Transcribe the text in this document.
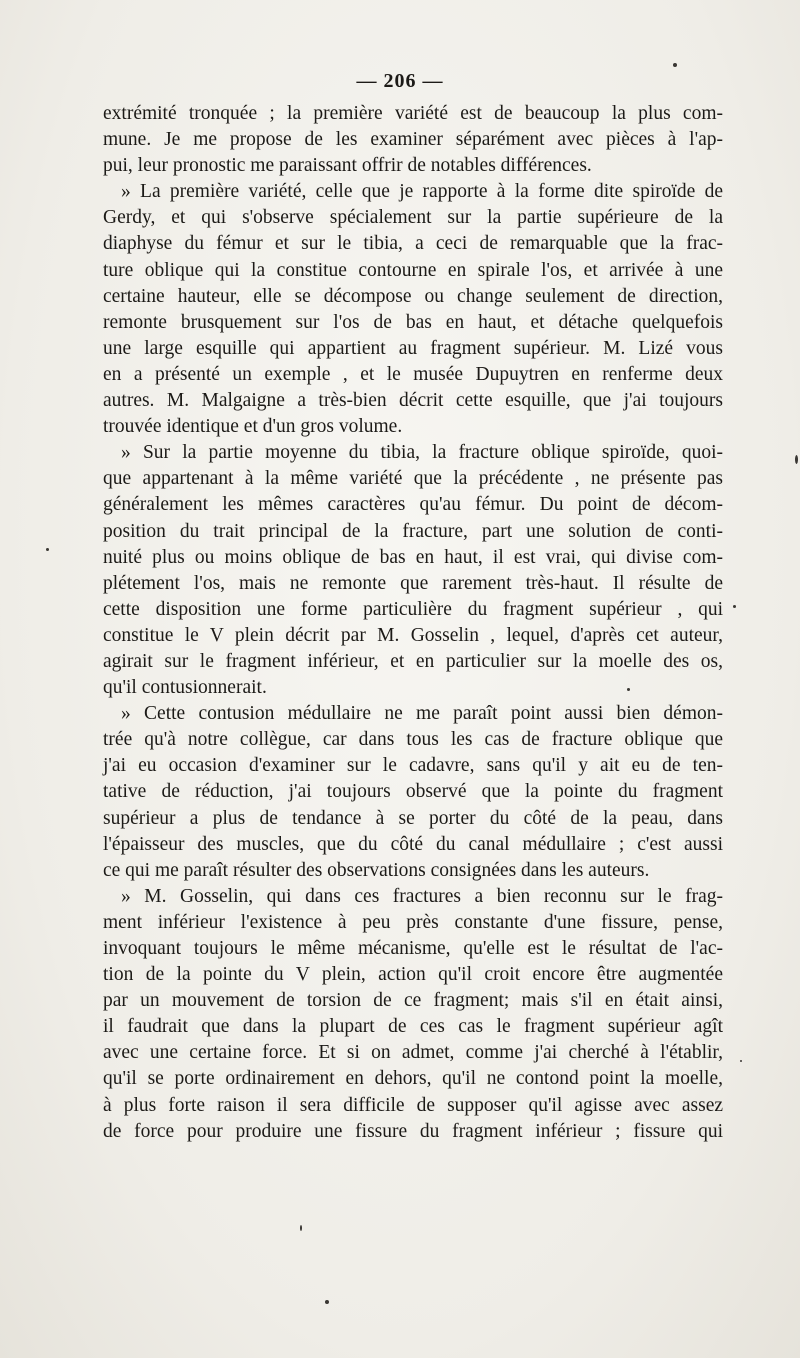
— 206 —
extrémité tronquée ; la première variété est de beaucoup la plus com-
mune. Je me propose de les examiner séparément avec pièces à l'ap-
pui, leur pronostic me paraissant offrir de notables différences.
» La première variété, celle que je rapporte à la forme dite spiroïde de
Gerdy, et qui s'observe spécialement sur la partie supérieure de la
diaphyse du fémur et sur le tibia, a ceci de remarquable que la frac-
ture oblique qui la constitue contourne en spirale l'os, et arrivée à une
certaine hauteur, elle se décompose ou change seulement de direction,
remonte brusquement sur l'os de bas en haut, et détache quelquefois
une large esquille qui appartient au fragment supérieur. M. Lizé vous
en a présenté un exemple , et le musée Dupuytren en renferme deux
autres. M. Malgaigne a très-bien décrit cette esquille, que j'ai toujours
trouvée identique et d'un gros volume.
» Sur la partie moyenne du tibia, la fracture oblique spiroïde, quoi-
que appartenant à la même variété que la précédente , ne présente pas
généralement les mêmes caractères qu'au fémur. Du point de décom-
position du trait principal de la fracture, part une solution de conti-
nuité plus ou moins oblique de bas en haut, il est vrai, qui divise com-
plétement l'os, mais ne remonte que rarement très-haut. Il résulte de
cette disposition une forme particulière du fragment supérieur , qui
constitue le V plein décrit par M. Gosselin , lequel, d'après cet auteur,
agirait sur le fragment inférieur, et en particulier sur la moelle des os,
qu'il contusionnerait.
» Cette contusion médullaire ne me paraît point aussi bien démon-
trée qu'à notre collègue, car dans tous les cas de fracture oblique que
j'ai eu occasion d'examiner sur le cadavre, sans qu'il y ait eu de ten-
tative de réduction, j'ai toujours observé que la pointe du fragment
supérieur a plus de tendance à se porter du côté de la peau, dans
l'épaisseur des muscles, que du côté du canal médullaire ; c'est aussi
ce qui me paraît résulter des observations consignées dans les auteurs.
» M. Gosselin, qui dans ces fractures a bien reconnu sur le frag-
ment inférieur l'existence à peu près constante d'une fissure, pense,
invoquant toujours le même mécanisme, qu'elle est le résultat de l'ac-
tion de la pointe du V plein, action qu'il croit encore être augmentée
par un mouvement de torsion de ce fragment; mais s'il en était ainsi,
il faudrait que dans la plupart de ces cas le fragment supérieur agît
avec une certaine force. Et si on admet, comme j'ai cherché à l'établir,
qu'il se porte ordinairement en dehors, qu'il ne contond point la moelle,
à plus forte raison il sera difficile de supposer qu'il agisse avec assez
de force pour produire une fissure du fragment inférieur ; fissure qui
